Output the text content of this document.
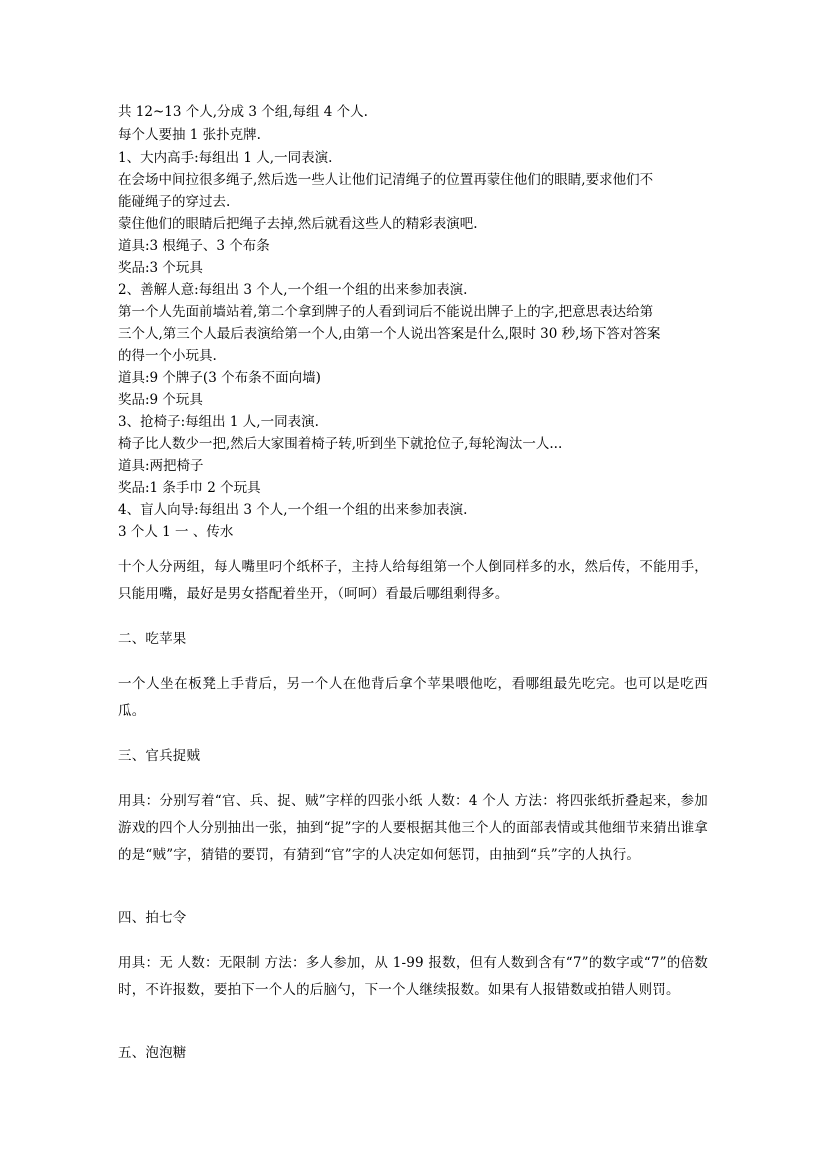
共 12~13 个人,分成 3 个组,每组 4 个人.
每个人要抽 1 张扑克牌.
1、大内高手:每组出 1 人,一同表演.
在会场中间拉很多绳子,然后选一些人让他们记清绳子的位置再蒙住他们的眼睛,要求他们不
能碰绳子的穿过去.
蒙住他们的眼睛后把绳子去掉,然后就看这些人的精彩表演吧.
道具:3 根绳子、3 个布条
奖品:3 个玩具
2、善解人意:每组出 3 个人,一个组一个组的出来参加表演.
第一个人先面前墙站着,第二个拿到牌子的人看到词后不能说出牌子上的字,把意思表达给第
三个人,第三个人最后表演给第一个人,由第一个人说出答案是什么,限时 30 秒,场下答对答案
的得一个小玩具.
道具:9 个牌子(3 个布条不面向墙)
奖品:9 个玩具
3、抢椅子:每组出 1 人,一同表演.
椅子比人数少一把,然后大家围着椅子转,听到坐下就抢位子,每轮淘汰一人...
道具:两把椅子
奖品:1 条手巾 2 个玩具
4、盲人向导:每组出 3 个人,一个组一个组的出来参加表演.
3 个人 1 一 、传水
十个人分两组，每人嘴里叼个纸杯子，主持人给每组第一个人倒同样多的水，然后传，不能用手，只能用嘴，最好是男女搭配着坐开，（呵呵）看最后哪组剩得多。
二、吃苹果
一个人坐在板凳上手背后，另一个人在他背后拿个苹果喂他吃，看哪组最先吃完。也可以是吃西瓜。
三、官兵捉贼
用具：分别写着“官、兵、捉、贼”字样的四张小纸 人数：4 个人 方法：将四张纸折叠起来，参加游戏的四个人分别抽出一张，抽到“捉”字的人要根据其他三个人的面部表情或其他细节来猜出谁拿的是“贼”字，猜错的要罚，有猜到“官”字的人决定如何惩罚，由抽到“兵”字的人执行。
四、拍七令
用具：无 人数：无限制 方法：多人参加，从 1-99 报数，但有人数到含有“7”的数字或“7”的倍数时，不许报数，要拍下一个人的后脑勺，下一个人继续报数。如果有人报错数或拍错人则罚。
五、泡泡糖
